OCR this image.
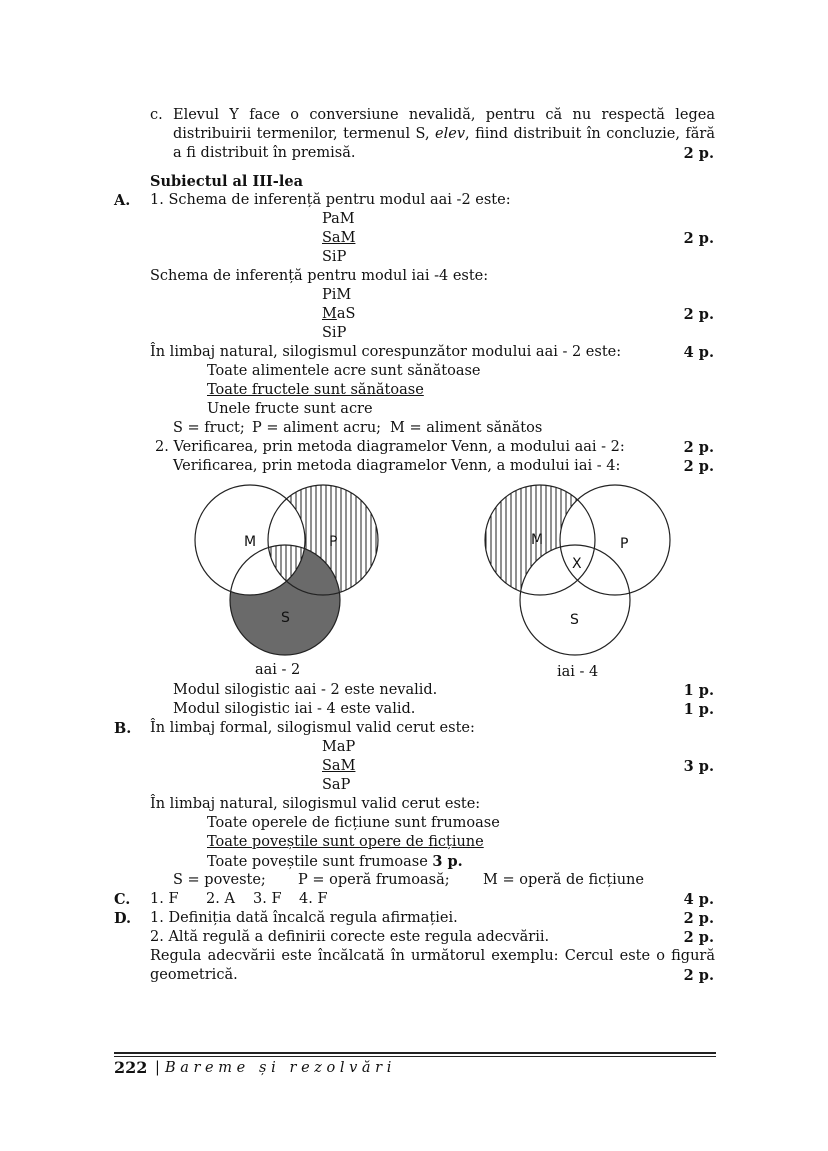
c. Elevul Y face o conversiune nevalidă, pentru că nu respectă legea distribuirii termenilor, termenul S, elev, fiind distribuit în concluzie, fără a fi distribuit în premisă.	2 p.
Subiectul al III-lea
A. 1. Schema de inferență pentru modul aai -2 este:
PaM
SaM	2 p.
SiP
Schema de inferență pentru modul iai -4 este:
PiM
MaS	2 p.
SiP
În limbaj natural, silogismul corespunzător modului aai - 2 este:	4 p.
Toate alimentele acre sunt sănătoase
Toate fructele sunt sănătoase
Unele fructe sunt acre
S = fruct; P = aliment acru; M = aliment sănătos
2. Verificarea, prin metoda diagramelor Venn, a modului aai - 2:	2 p.
Verificarea, prin metoda diagramelor Venn, a modului iai - 4:	2 p.
M	P
S
aai - 2
M	P
S
X
iai - 4
Modul silogistic aai - 2 este nevalid.	1 p.
Modul silogistic iai - 4 este valid.	1 p.
B. În limbaj formal, silogismul valid cerut este:
MaP
SaM	3 p.
SaP
În limbaj natural, silogismul valid cerut este:
Toate operele de ficțiune sunt frumoase
Toate poveștile sunt opere de ficțiune
Toate poveștile sunt frumoase 3 p.
S = poveste; P = operă frumoasă; M = operă de ficțiune
C. 1. F 2. A 3. F 4. F	4 p.
D. 1. Definiția dată încalcă regula afirmației.	2 p.
2. Altă regulă a definirii corecte este regula adecvării.	2 p.
Regula adecvării este încălcată în următorul exemplu: Cercul este o figură geometrică.	2 p.
222 | B a r e m e   ș i   r e z o l v ă r i
